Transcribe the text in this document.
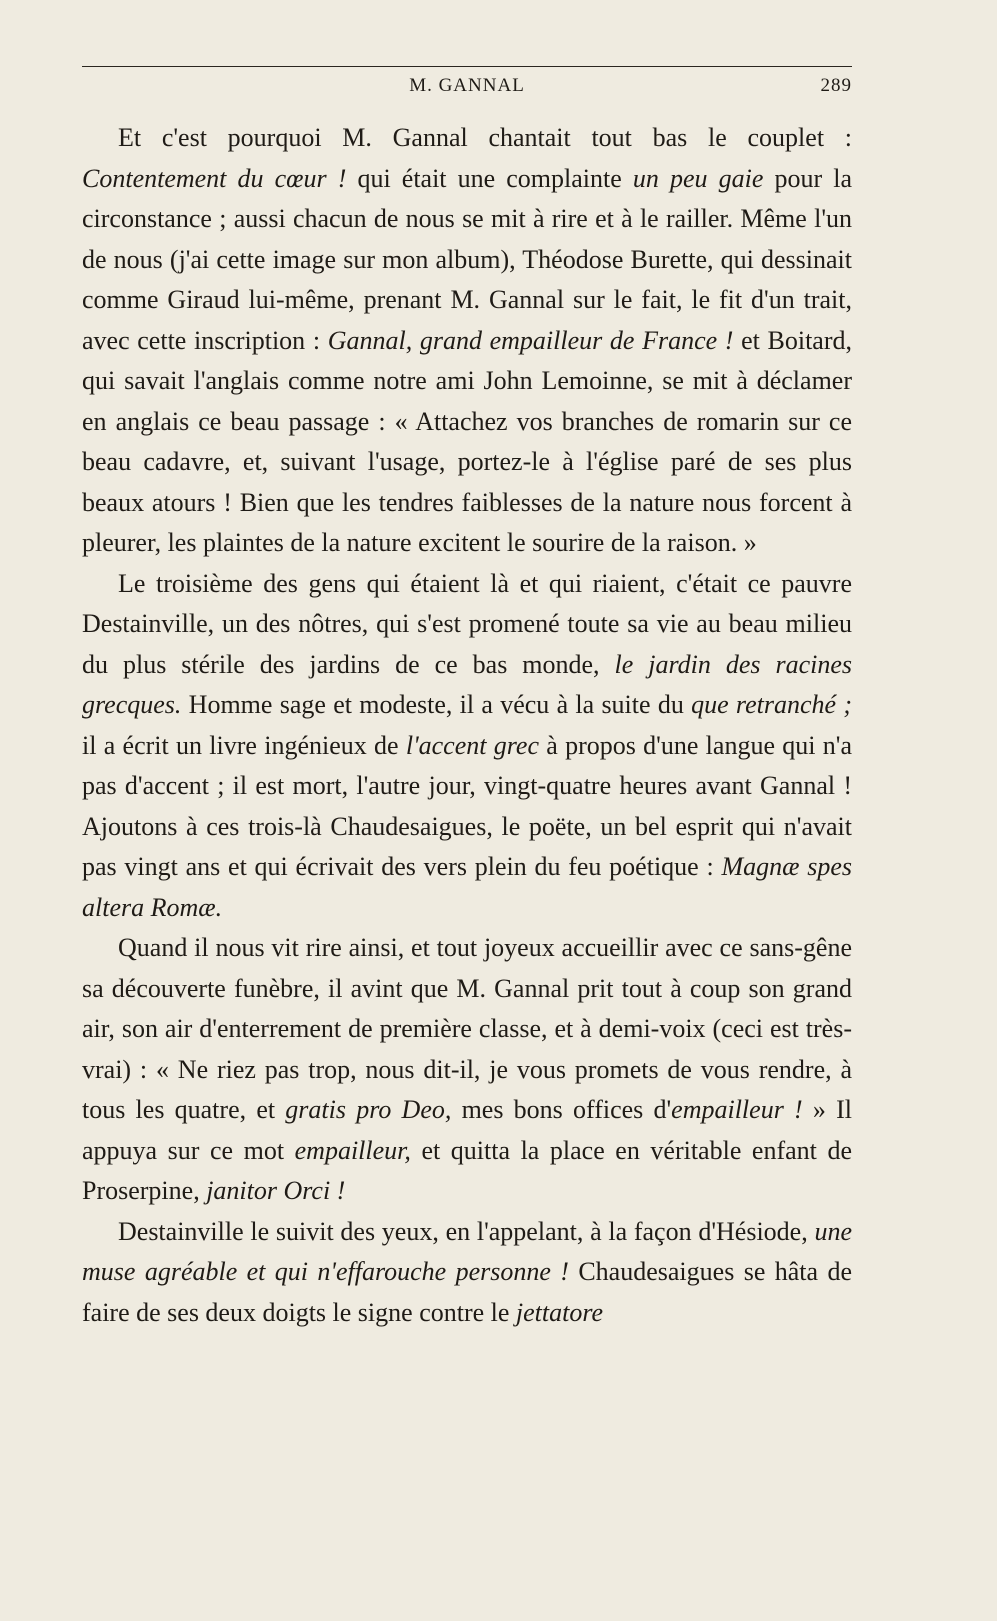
M. GANNAL	289

Et c'est pourquoi M. Gannal chantait tout bas le couplet : Contentement du cœur ! qui était une complainte un peu gaie pour la circonstance ; aussi chacun de nous se mit à rire et à le railler. Même l'un de nous (j'ai cette image sur mon album), Théodose Burette, qui dessinait comme Giraud lui-même, prenant M. Gannal sur le fait, le fit d'un trait, avec cette inscription : Gannal, grand empailleur de France ! et Boitard, qui savait l'anglais comme notre ami John Lemoinne, se mit à déclamer en anglais ce beau passage : « Attachez vos branches de romarin sur ce beau cadavre, et, suivant l'usage, portez-le à l'église paré de ses plus beaux atours ! Bien que les tendres faiblesses de la nature nous forcent à pleurer, les plaintes de la nature excitent le sourire de la raison. »

Le troisième des gens qui étaient là et qui riaient, c'était ce pauvre Destainville, un des nôtres, qui s'est promené toute sa vie au beau milieu du plus stérile des jardins de ce bas monde, le jardin des racines grecques. Homme sage et modeste, il a vécu à la suite du que retranché ; il a écrit un livre ingénieux de l'accent grec à propos d'une langue qui n'a pas d'accent ; il est mort, l'autre jour, vingt-quatre heures avant Gannal ! Ajoutons à ces trois-là Chaudesaigues, le poëte, un bel esprit qui n'avait pas vingt ans et qui écrivait des vers plein du feu poétique : Magnæ spes altera Romæ.

Quand il nous vit rire ainsi, et tout joyeux accueillir avec ce sans-gêne sa découverte funèbre, il avint que M. Gannal prit tout à coup son grand air, son air d'enterrement de première classe, et à demi-voix (ceci est très-vrai) : « Ne riez pas trop, nous dit-il, je vous promets de vous rendre, à tous les quatre, et gratis pro Deo, mes bons offices d'empailleur ! » Il appuya sur ce mot empailleur, et quitta la place en véritable enfant de Proserpine, janitor Orci !

Destainville le suivit des yeux, en l'appelant, à la façon d'Hésiode, une muse agréable et qui n'effarouche personne ! Chaudesaigues se hâta de faire de ses deux doigts le signe contre le jettatore
